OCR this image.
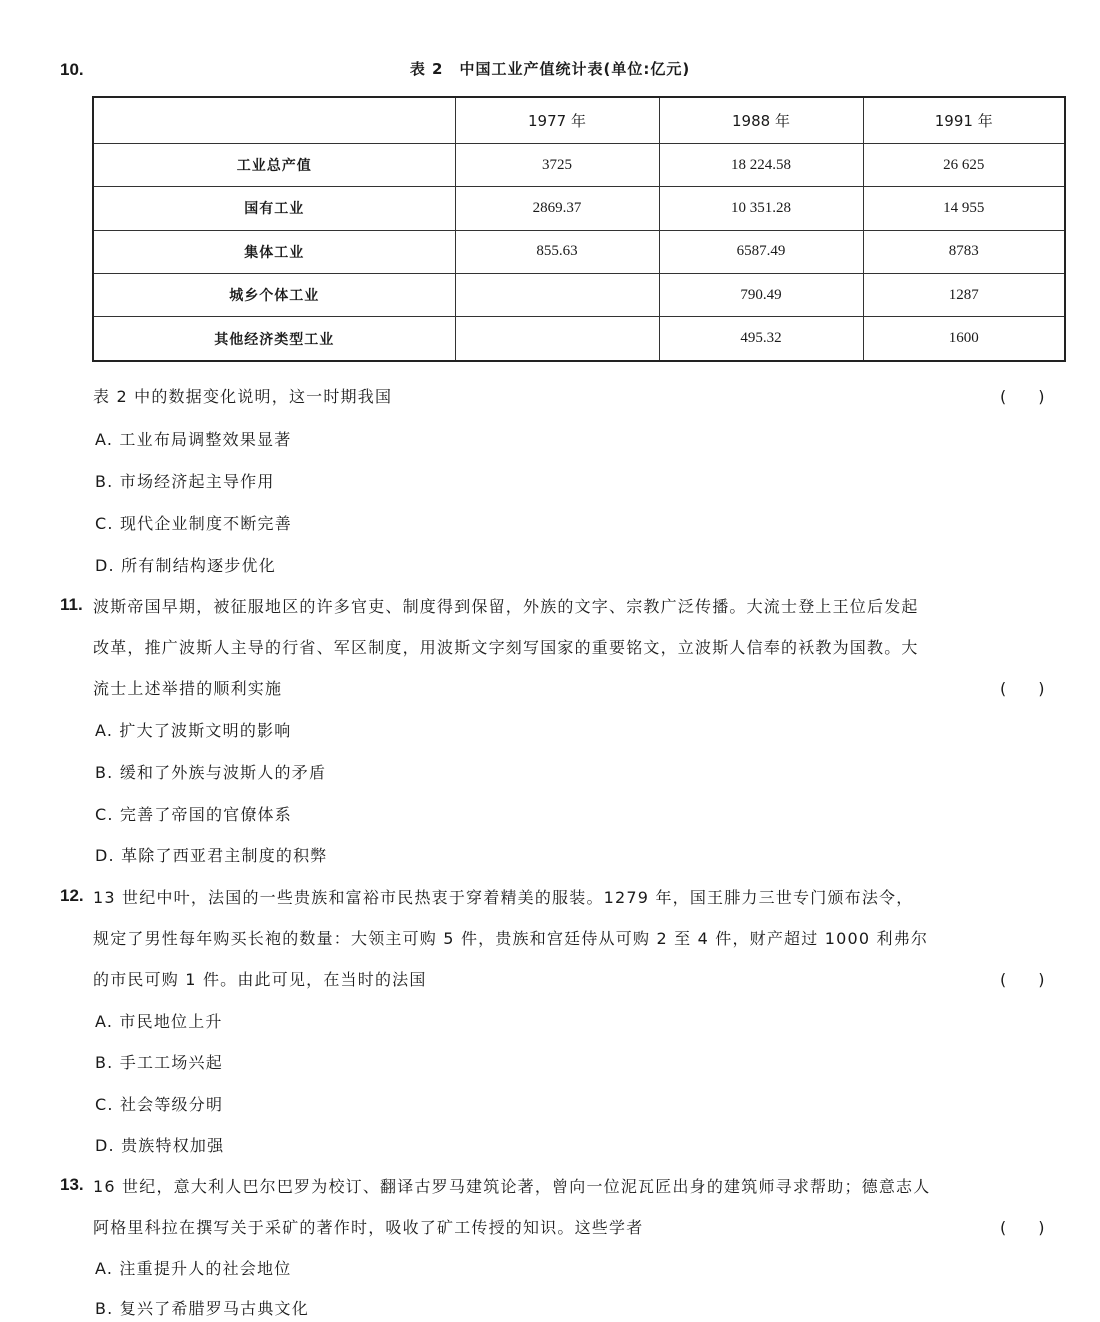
10.	表 2　中国工业产值统计表(单位:亿元)
	1977 年	1988 年	1991 年
工业总产值	3725	18 224.58	26 625
国有工业	2869.37	10 351.28	14 955
集体工业	855.63	6587.49	8783
城乡个体工业		790.49	1287
其他经济类型工业		495.32	1600
表 2 中的数据变化说明，这一时期我国	(　　)
A. 工业布局调整效果显著
B. 市场经济起主导作用
C. 现代企业制度不断完善
D. 所有制结构逐步优化
11. 波斯帝国早期，被征服地区的许多官吏、制度得到保留，外族的文字、宗教广泛传播。大流士登上王位后发起
改革，推广波斯人主导的行省、军区制度，用波斯文字刻写国家的重要铭文，立波斯人信奉的袄教为国教。大
流士上述举措的顺利实施	(　　)
A. 扩大了波斯文明的影响
B. 缓和了外族与波斯人的矛盾
C. 完善了帝国的官僚体系
D. 革除了西亚君主制度的积弊
12. 13 世纪中叶，法国的一些贵族和富裕市民热衷于穿着精美的服装。1279 年，国王腓力三世专门颁布法令，
规定了男性每年购买长袍的数量：大领主可购 5 件，贵族和宫廷侍从可购 2 至 4 件，财产超过 1000 利弗尔
的市民可购 1 件。由此可见，在当时的法国	(　　)
A. 市民地位上升
B. 手工工场兴起
C. 社会等级分明
D. 贵族特权加强
13. 16 世纪，意大利人巴尔巴罗为校订、翻译古罗马建筑论著，曾向一位泥瓦匠出身的建筑师寻求帮助；德意志人
阿格里科拉在撰写关于采矿的著作时，吸收了矿工传授的知识。这些学者	(　　)
A. 注重提升人的社会地位
B. 复兴了希腊罗马古典文化
